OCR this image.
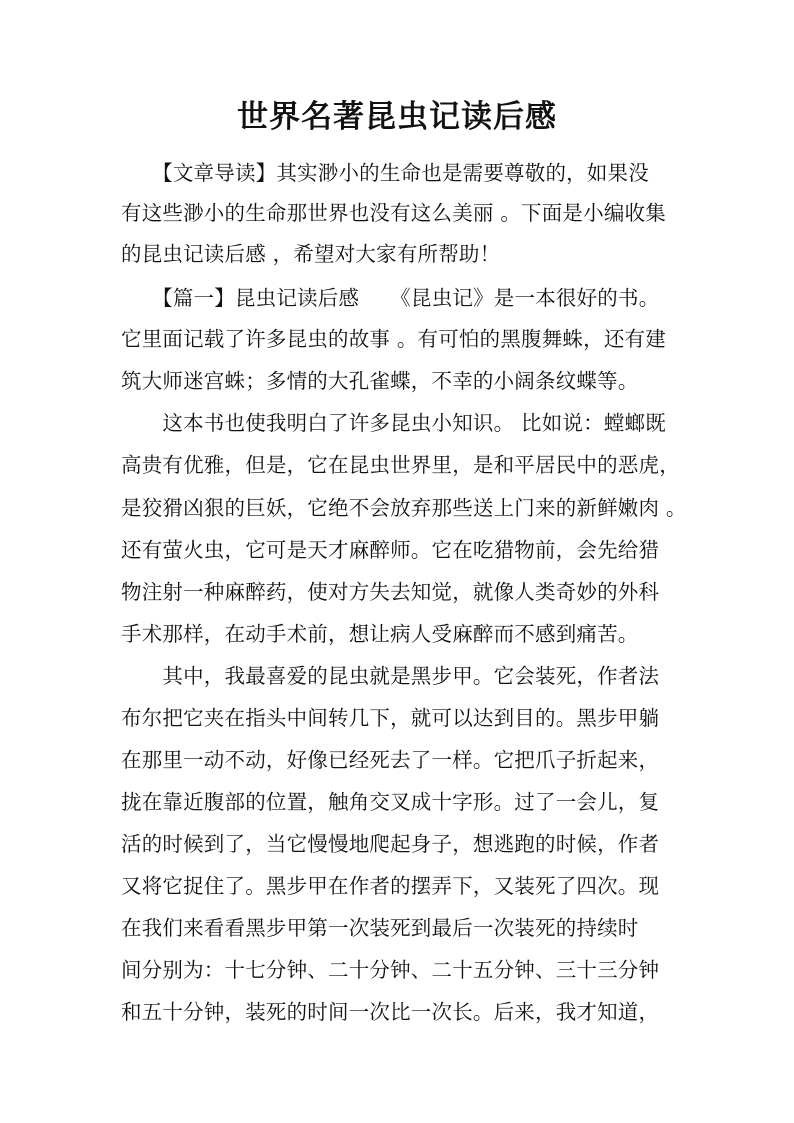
世界名著昆虫记读后感
　　【文章导读】其实渺小的生命也是需要尊敬的，如果没
有这些渺小的生命那世界也没有这么美丽 。下面是小编收集
的昆虫记读后感 ，希望对大家有所帮助！
　　【篇一】昆虫记读后感　　《昆虫记》是一本很好的书。
它里面记载了许多昆虫的故事 。有可怕的黑腹舞蛛，还有建
筑大师迷宫蛛；多情的大孔雀蝶，不幸的小阔条纹蝶等。
　　这本书也使我明白了许多昆虫小知识。 比如说：螳螂既
高贵有优雅，但是，它在昆虫世界里，是和平居民中的恶虎，
是狡猾凶狠的巨妖，它绝不会放弃那些送上门来的新鲜嫩肉 。
还有萤火虫，它可是天才麻醉师。它在吃猎物前，会先给猎
物注射一种麻醉药，使对方失去知觉，就像人类奇妙的外科
手术那样，在动手术前，想让病人受麻醉而不感到痛苦。
　　其中，我最喜爱的昆虫就是黑步甲。它会装死，作者法
布尔把它夹在指头中间转几下，就可以达到目的。黑步甲躺
在那里一动不动，好像已经死去了一样。它把爪子折起来，
拢在靠近腹部的位置，触角交叉成十字形。过了一会儿，复
活的时候到了，当它慢慢地爬起身子，想逃跑的时候，作者
又将它捉住了。黑步甲在作者的摆弄下，又装死了四次。现
在我们来看看黑步甲第一次装死到最后一次装死的持续时
间分别为：十七分钟、二十分钟、二十五分钟、三十三分钟
和五十分钟，装死的时间一次比一次长。后来，我才知道，
